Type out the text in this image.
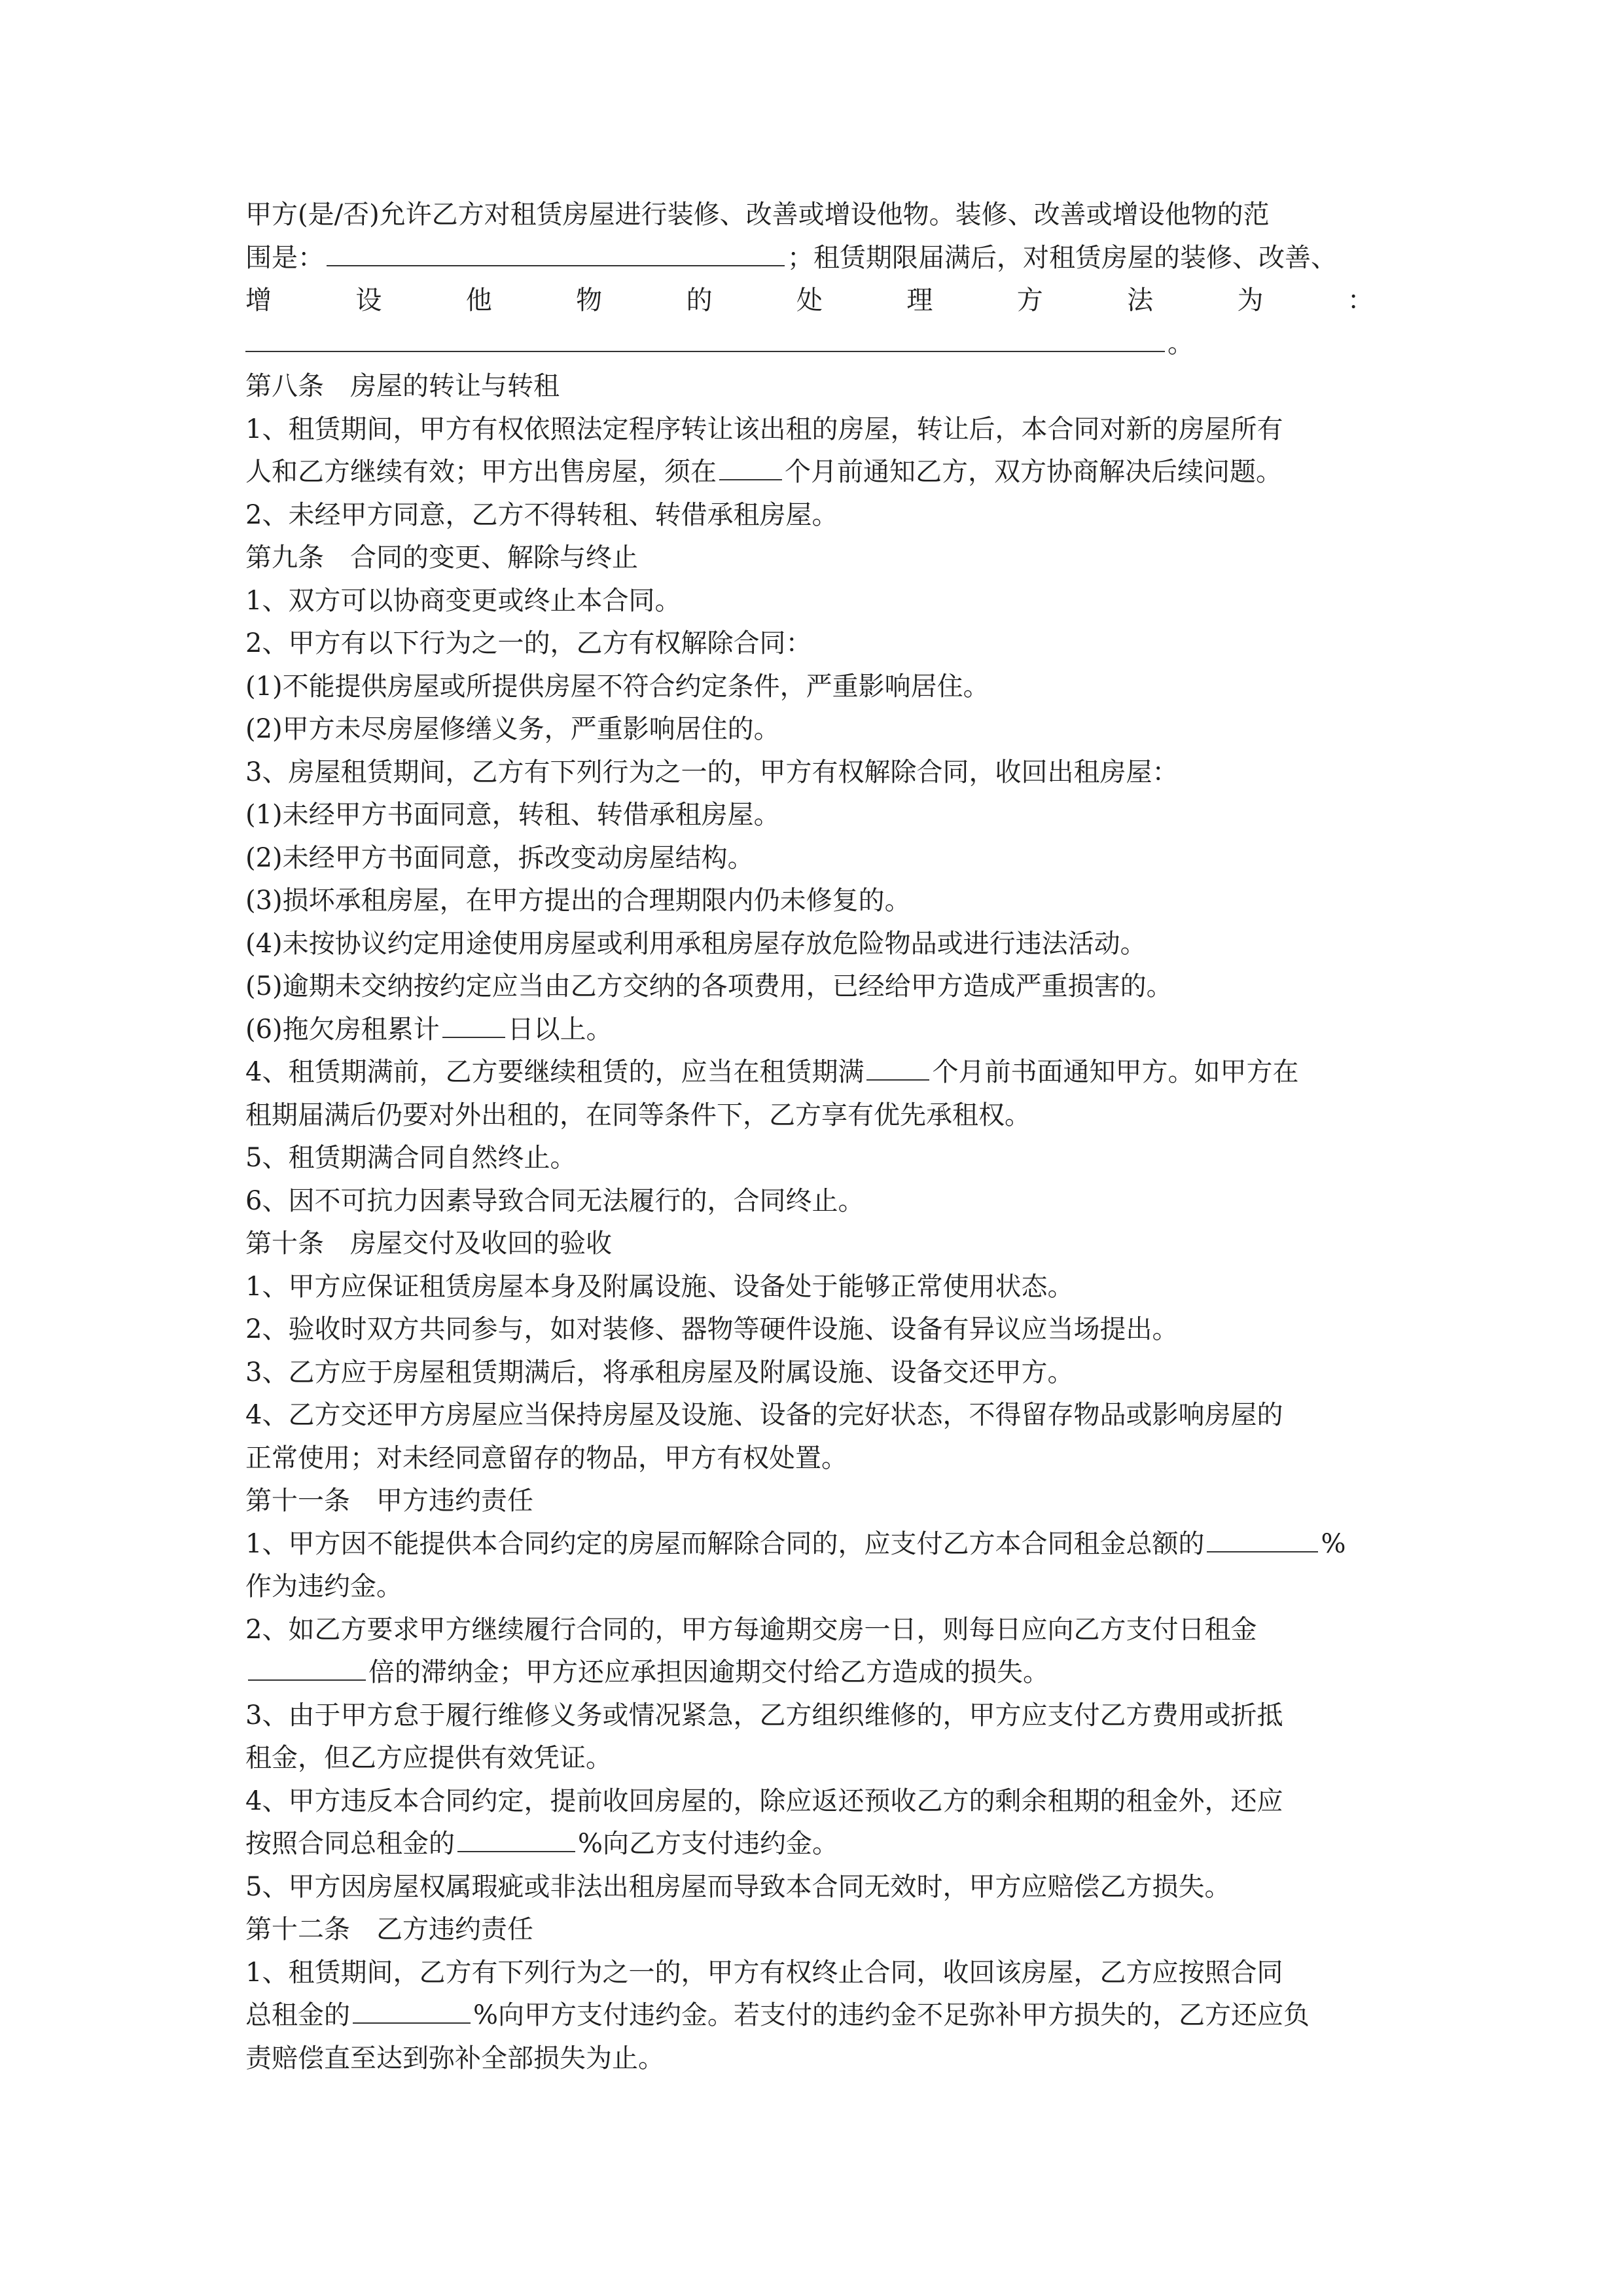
甲方(是/否)允许乙方对租赁房屋进行装修、改善或增设他物。装修、改善或增设他物的范
围是：	；租赁期限届满后，对租赁房屋的装修、改善、
增	设	他	物	的	处	理	方	法	为	：
。
第八条　房屋的转让与转租
1、租赁期间，甲方有权依照法定程序转让该出租的房屋，转让后，本合同对新的房屋所有
人和乙方继续有效；甲方出售房屋，须在	个月前通知乙方，双方协商解决后续问题。
2、未经甲方同意，乙方不得转租、转借承租房屋。
第九条　合同的变更、解除与终止
1、双方可以协商变更或终止本合同。
2、甲方有以下行为之一的，乙方有权解除合同：
(1)不能提供房屋或所提供房屋不符合约定条件，严重影响居住。
(2)甲方未尽房屋修缮义务，严重影响居住的。
3、房屋租赁期间，乙方有下列行为之一的，甲方有权解除合同，收回出租房屋：
(1)未经甲方书面同意，转租、转借承租房屋。
(2)未经甲方书面同意，拆改变动房屋结构。
(3)损坏承租房屋，在甲方提出的合理期限内仍未修复的。
(4)未按协议约定用途使用房屋或利用承租房屋存放危险物品或进行违法活动。
(5)逾期未交纳按约定应当由乙方交纳的各项费用，已经给甲方造成严重损害的。
(6)拖欠房租累计	日以上。
4、租赁期满前，乙方要继续租赁的，应当在租赁期满	个月前书面通知甲方。如甲方在
租期届满后仍要对外出租的，在同等条件下，乙方享有优先承租权。
5、租赁期满合同自然终止。
6、因不可抗力因素导致合同无法履行的，合同终止。
第十条　房屋交付及收回的验收
1、甲方应保证租赁房屋本身及附属设施、设备处于能够正常使用状态。
2、验收时双方共同参与，如对装修、器物等硬件设施、设备有异议应当场提出。
3、乙方应于房屋租赁期满后，将承租房屋及附属设施、设备交还甲方。
4、乙方交还甲方房屋应当保持房屋及设施、设备的完好状态，不得留存物品或影响房屋的
正常使用；对未经同意留存的物品，甲方有权处置。
第十一条　甲方违约责任
1、甲方因不能提供本合同约定的房屋而解除合同的，应支付乙方本合同租金总额的	%
作为违约金。
2、如乙方要求甲方继续履行合同的，甲方每逾期交房一日，则每日应向乙方支付日租金
倍的滞纳金；甲方还应承担因逾期交付给乙方造成的损失。
3、由于甲方怠于履行维修义务或情况紧急，乙方组织维修的，甲方应支付乙方费用或折抵
租金，但乙方应提供有效凭证。
4、甲方违反本合同约定，提前收回房屋的，除应返还预收乙方的剩余租期的租金外，还应
按照合同总租金的	%向乙方支付违约金。
5、甲方因房屋权属瑕疵或非法出租房屋而导致本合同无效时，甲方应赔偿乙方损失。
第十二条　乙方违约责任
1、租赁期间，乙方有下列行为之一的，甲方有权终止合同，收回该房屋，乙方应按照合同
总租金的	%向甲方支付违约金。若支付的违约金不足弥补甲方损失的，乙方还应负
责赔偿直至达到弥补全部损失为止。
